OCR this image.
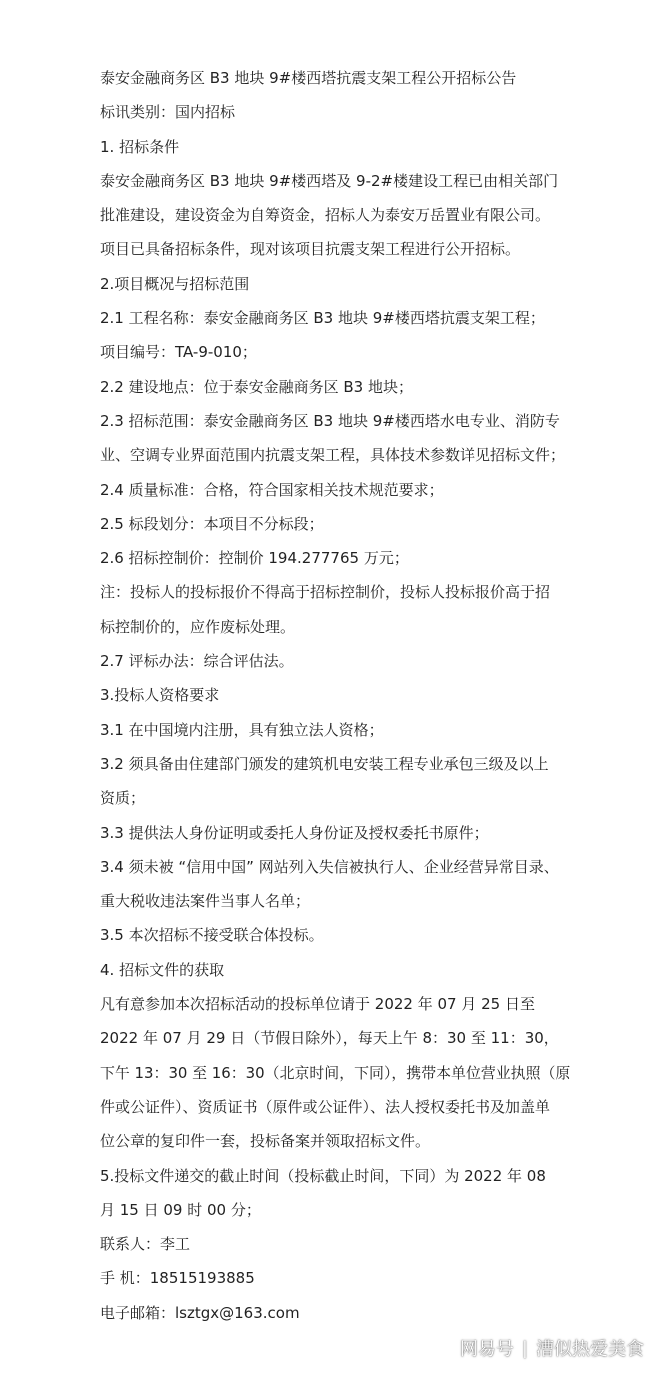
泰安金融商务区 B3 地块 9#楼西塔抗震支架工程公开招标公告
标讯类别：国内招标
1. 招标条件
泰安金融商务区 B3 地块 9#楼西塔及 9-2#楼建设工程已由相关部门
批准建设，建设资金为自筹资金，招标人为泰安万岳置业有限公司。
项目已具备招标条件，现对该项目抗震支架工程进行公开招标。
2.项目概况与招标范围
2.1 工程名称：泰安金融商务区 B3 地块 9#楼西塔抗震支架工程；
项目编号：TA-9-010；
2.2 建设地点：位于泰安金融商务区 B3 地块；
2.3 招标范围：泰安金融商务区 B3 地块 9#楼西塔水电专业、消防专
业、空调专业界面范围内抗震支架工程，具体技术参数详见招标文件；
2.4 质量标准：合格，符合国家相关技术规范要求；
2.5 标段划分：本项目不分标段；
2.6 招标控制价：控制价 194.277765 万元；
注：投标人的投标报价不得高于招标控制价，投标人投标报价高于招
标控制价的，应作废标处理。
2.7 评标办法：综合评估法。
3.投标人资格要求
3.1 在中国境内注册，具有独立法人资格；
3.2 须具备由住建部门颁发的建筑机电安装工程专业承包三级及以上
资质；
3.3 提供法人身份证明或委托人身份证及授权委托书原件；
3.4 须未被 “信用中国” 网站列入失信被执行人、企业经营异常目录、
重大税收违法案件当事人名单；
3.5 本次招标不接受联合体投标。
4. 招标文件的获取
凡有意参加本次招标活动的投标单位请于 2022 年 07 月 25 日至
2022 年 07 月 29 日（节假日除外），每天上午 8：30 至 11：30，
下午 13：30 至 16：30（北京时间，下同），携带本单位营业执照（原
件或公证件）、资质证书（原件或公证件）、法人授权委托书及加盖单
位公章的复印件一套，投标备案并领取招标文件。
5.投标文件递交的截止时间（投标截止时间，下同）为 2022 年 08
月 15 日 09 时 00 分；
联系人：李工
手 机：18515193885
电子邮箱：lsztgx@163.com
网易号 | 漕似热爱美食
